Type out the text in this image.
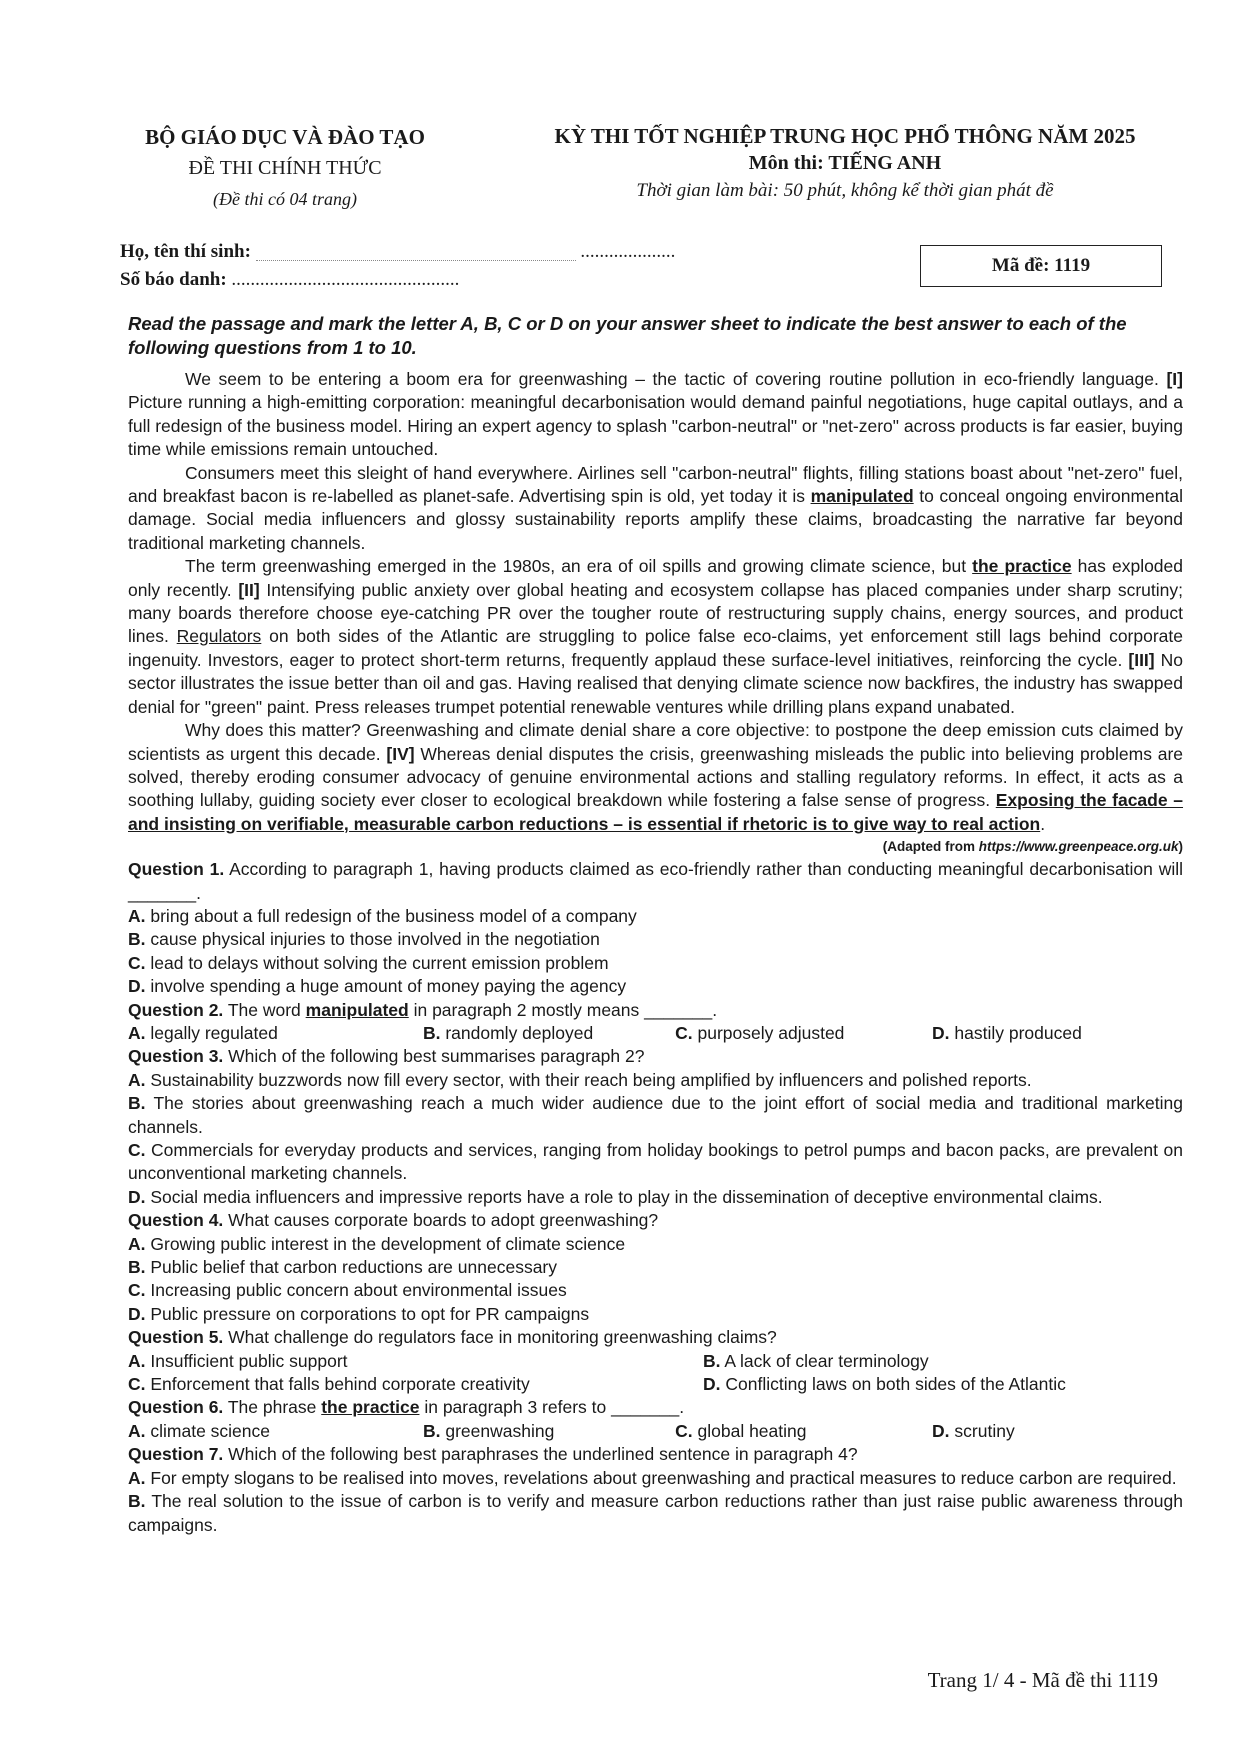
BỘ GIÁO DỤC VÀ ĐÀO TẠO
ĐỀ THI CHÍNH THỨC
(Đề thi có 04 trang)
KỲ THI TỐT NGHIỆP TRUNG HỌC PHỔ THÔNG NĂM 2025
Môn thi: TIẾNG ANH
Thời gian làm bài: 50 phút, không kể thời gian phát đề
Họ, tên thí sinh:	....................
Số báo danh: ................................................
Mã đề: 1119

Read the passage and mark the letter A, B, C or D on your answer sheet to indicate the best answer to each of the following questions from 1 to 10.

We seem to be entering a boom era for greenwashing – the tactic of covering routine pollution in eco-friendly language. [I] Picture running a high-emitting corporation: meaningful decarbonisation would demand painful negotiations, huge capital outlays, and a full redesign of the business model. Hiring an expert agency to splash "carbon-neutral" or "net-zero" across products is far easier, buying time while emissions remain untouched.

Consumers meet this sleight of hand everywhere. Airlines sell "carbon-neutral" flights, filling stations boast about "net-zero" fuel, and breakfast bacon is re-labelled as planet-safe. Advertising spin is old, yet today it is manipulated to conceal ongoing environmental damage. Social media influencers and glossy sustainability reports amplify these claims, broadcasting the narrative far beyond traditional marketing channels.

The term greenwashing emerged in the 1980s, an era of oil spills and growing climate science, but the practice has exploded only recently. [II] Intensifying public anxiety over global heating and ecosystem collapse has placed companies under sharp scrutiny; many boards therefore choose eye-catching PR over the tougher route of restructuring supply chains, energy sources, and product lines. Regulators on both sides of the Atlantic are struggling to police false eco-claims, yet enforcement still lags behind corporate ingenuity. Investors, eager to protect short-term returns, frequently applaud these surface-level initiatives, reinforcing the cycle. [III] No sector illustrates the issue better than oil and gas. Having realised that denying climate science now backfires, the industry has swapped denial for "green" paint. Press releases trumpet potential renewable ventures while drilling plans expand unabated.

Why does this matter? Greenwashing and climate denial share a core objective: to postpone the deep emission cuts claimed by scientists as urgent this decade. [IV] Whereas denial disputes the crisis, greenwashing misleads the public into believing problems are solved, thereby eroding consumer advocacy of genuine environmental actions and stalling regulatory reforms. In effect, it acts as a soothing lullaby, guiding society ever closer to ecological breakdown while fostering a false sense of progress. Exposing the facade – and insisting on verifiable, measurable carbon reductions – is essential if rhetoric is to give way to real action.

(Adapted from https://www.greenpeace.org.uk)

Question 1. According to paragraph 1, having products claimed as eco-friendly rather than conducting meaningful decarbonisation will _______.

A. bring about a full redesign of the business model of a company

B. cause physical injuries to those involved in the negotiation

C. lead to delays without solving the current emission problem

D. involve spending a huge amount of money paying the agency

Question 2. The word manipulated in paragraph 2 mostly means _______.

A. legally regulated	B. randomly deployed	C. purposely adjusted	D. hastily produced

Question 3. Which of the following best summarises paragraph 2?

A. Sustainability buzzwords now fill every sector, with their reach being amplified by influencers and polished reports.

B. The stories about greenwashing reach a much wider audience due to the joint effort of social media and traditional marketing channels.

C. Commercials for everyday products and services, ranging from holiday bookings to petrol pumps and bacon packs, are prevalent on unconventional marketing channels.

D. Social media influencers and impressive reports have a role to play in the dissemination of deceptive environmental claims.

Question 4. What causes corporate boards to adopt greenwashing?

A. Growing public interest in the development of climate science

B. Public belief that carbon reductions are unnecessary

C. Increasing public concern about environmental issues

D. Public pressure on corporations to opt for PR campaigns

Question 5. What challenge do regulators face in monitoring greenwashing claims?

A. Insufficient public support	B. A lack of clear terminology
C. Enforcement that falls behind corporate creativity	D. Conflicting laws on both sides of the Atlantic

Question 6. The phrase the practice in paragraph 3 refers to _______.

A. climate science	B. greenwashing	C. global heating	D. scrutiny

Question 7. Which of the following best paraphrases the underlined sentence in paragraph 4?

A. For empty slogans to be realised into moves, revelations about greenwashing and practical measures to reduce carbon are required.

B. The real solution to the issue of carbon is to verify and measure carbon reductions rather than just raise public awareness through campaigns.

Trang 1/ 4 - Mã đề thi 1119
